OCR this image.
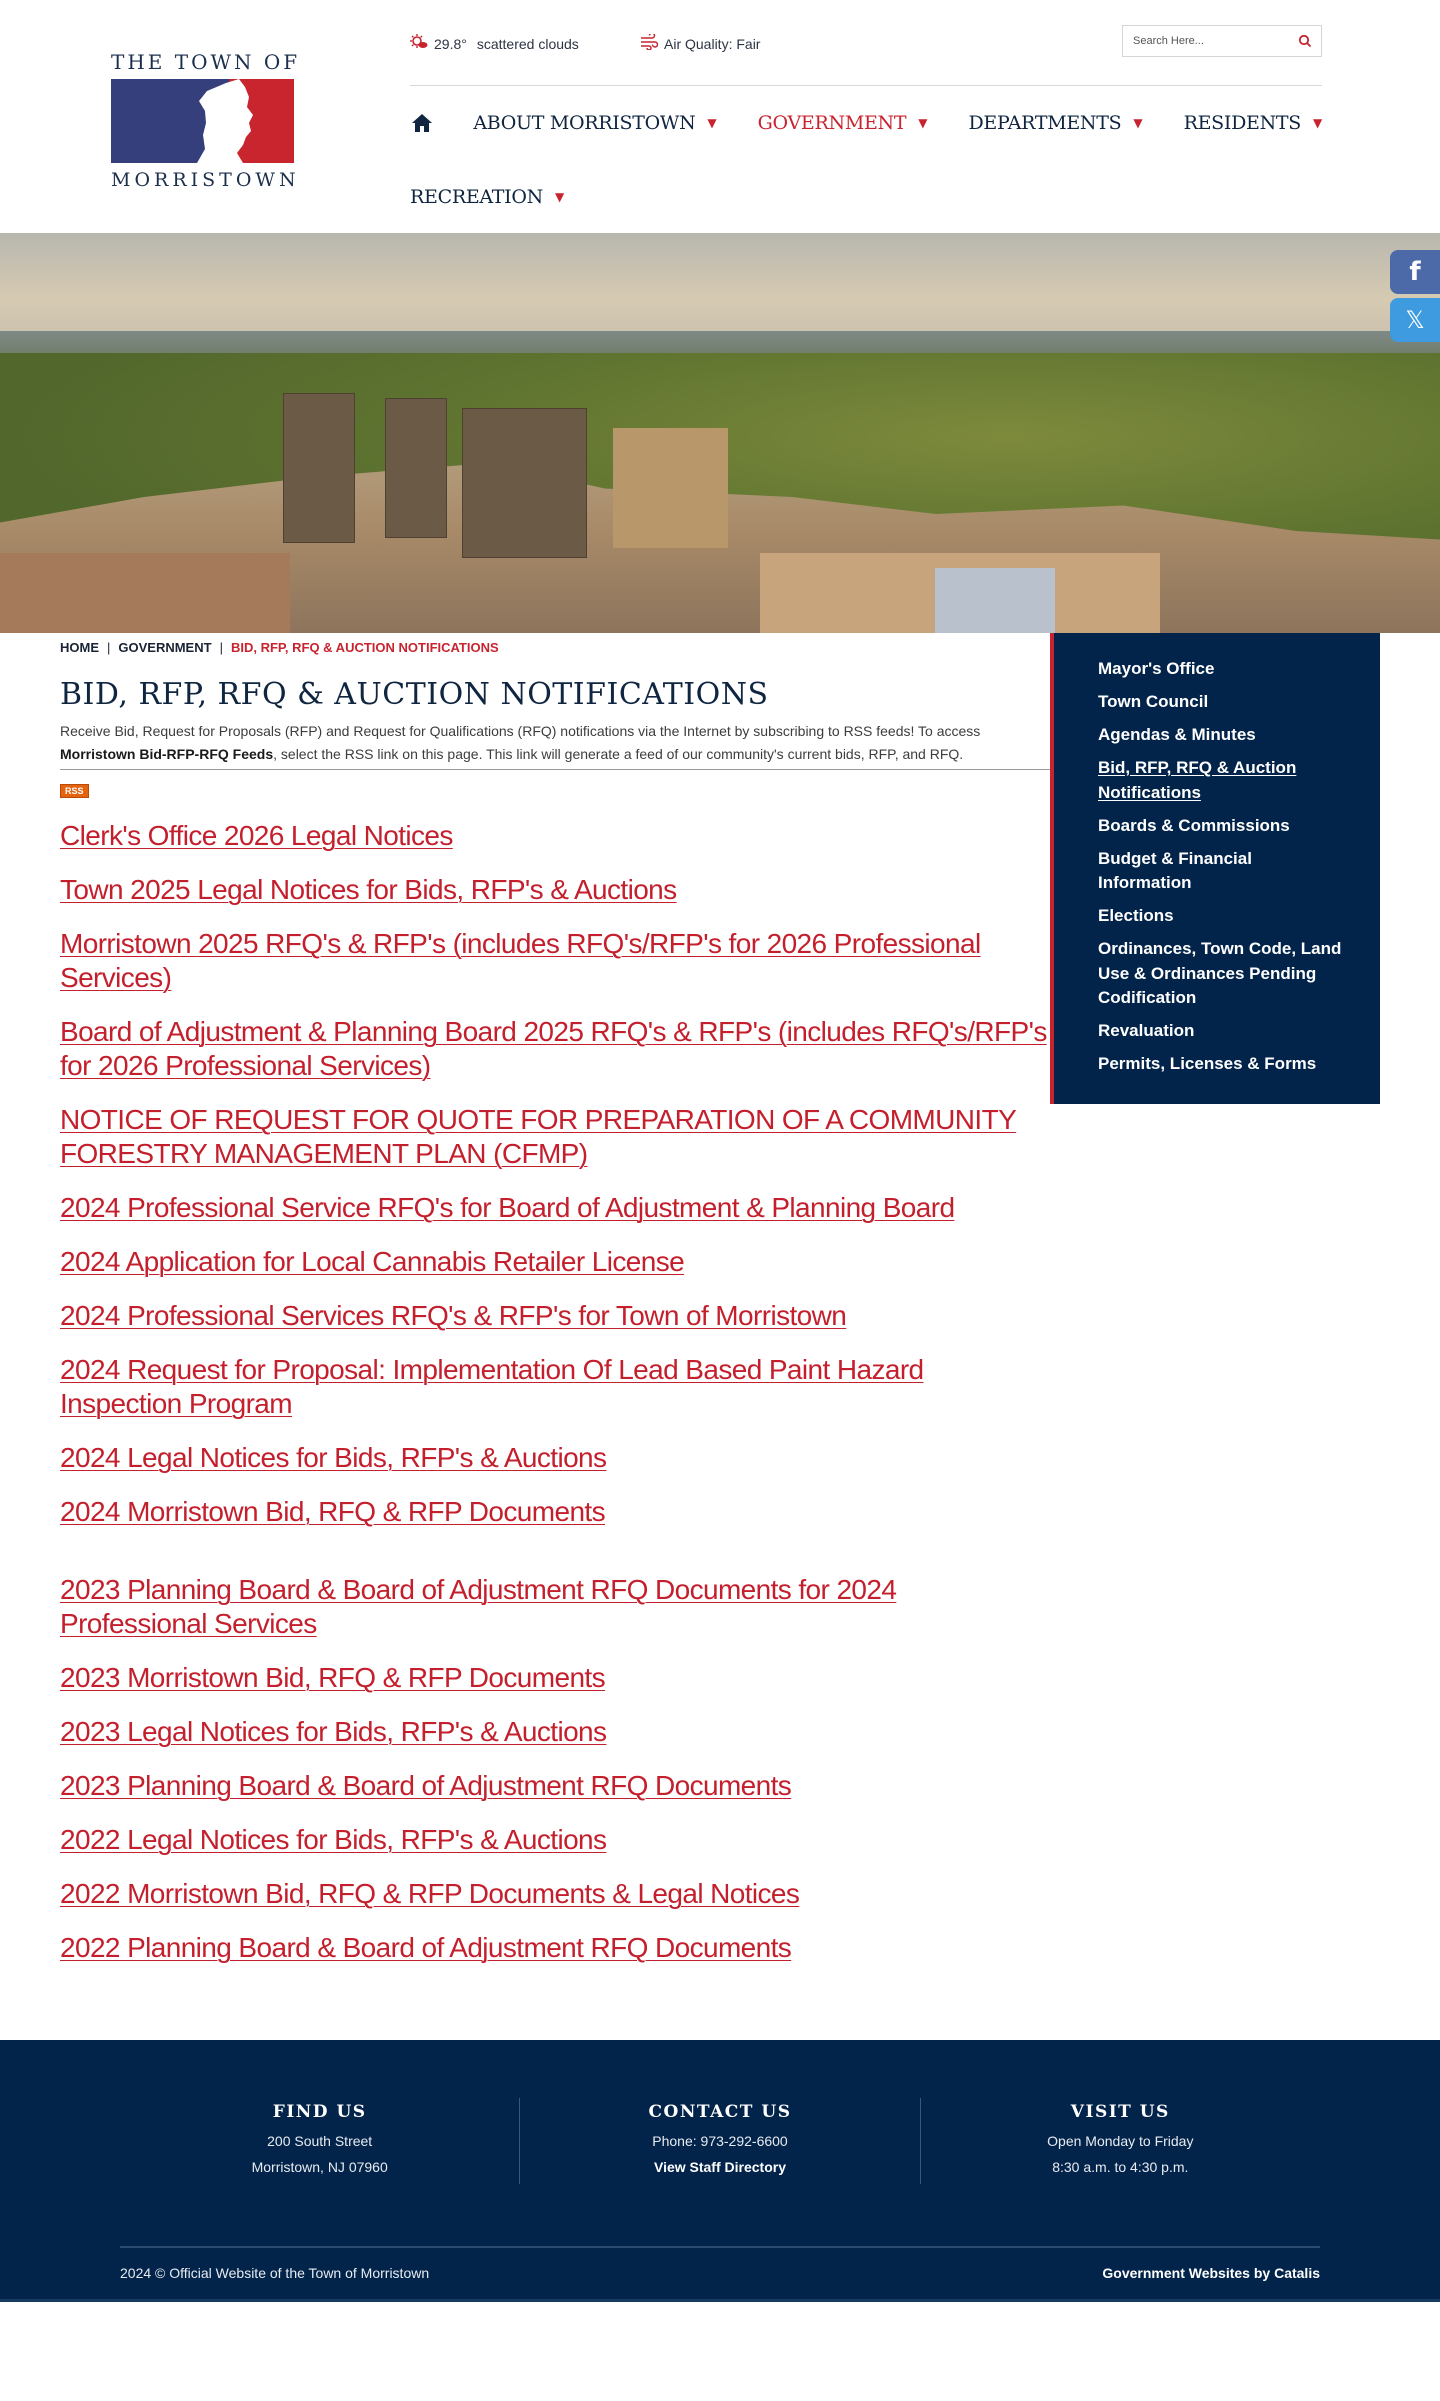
THE TOWN OF
MORRISTOWN
29.8° scattered clouds	Air Quality: Fair
Search Here...
ABOUT MORRISTOWN ▼ GOVERNMENT ▼ DEPARTMENTS ▼ RESIDENTS ▼
RECREATION ▼
f
𝕏
HOME | GOVERNMENT | BID, RFP, RFQ & AUCTION NOTIFICATIONS
BID, RFP, RFQ & AUCTION NOTIFICATIONS

Receive Bid, Request for Proposals (RFP) and Request for Qualifications (RFQ) notifications via the Internet by subscribing to RSS feeds! To access Morristown Bid-RFP-RFQ Feeds, select the RSS link on this page. This link will generate a feed of our community's current bids, RFP, and RFQ.

RSS
Clerk's Office 2026 Legal Notices
Town 2025 Legal Notices for Bids, RFP's & Auctions
Morristown 2025 RFQ's & RFP's (includes RFQ's/RFP's for 2026 Professional Services)
Board of Adjustment & Planning Board 2025 RFQ's & RFP's (includes RFQ's/RFP's for 2026 Professional Services)
NOTICE OF REQUEST FOR QUOTE FOR PREPARATION OF A COMMUNITY FORESTRY MANAGEMENT PLAN (CFMP)
2024 Professional Service RFQ's for Board of Adjustment & Planning Board
2024 Application for Local Cannabis Retailer License
2024 Professional Services RFQ's & RFP's for Town of Morristown
2024 Request for Proposal: Implementation Of Lead Based Paint Hazard Inspection Program
2024 Legal Notices for Bids, RFP's & Auctions
2024 Morristown Bid, RFQ & RFP Documents
2023 Planning Board & Board of Adjustment RFQ Documents for 2024 Professional Services
2023 Morristown Bid, RFQ & RFP Documents
2023 Legal Notices for Bids, RFP's & Auctions
2023 Planning Board & Board of Adjustment RFQ Documents
2022 Legal Notices for Bids, RFP's & Auctions
2022 Morristown Bid, RFQ & RFP Documents & Legal Notices
2022 Planning Board & Board of Adjustment RFQ Documents
Mayor's Office
Town Council
Agendas & Minutes
Bid, RFP, RFQ & Auction Notifications
Boards & Commissions
Budget & Financial Information
Elections
Ordinances, Town Code, Land Use & Ordinances Pending Codification
Revaluation
Permits, Licenses & Forms
FIND US

200 South Street

Morristown, NJ 07960

CONTACT US

Phone: 973-292-6600

View Staff Directory

VISIT US

Open Monday to Friday

8:30 a.m. to 4:30 p.m.

2024 © Official Website of the Town of Morristown	Government Websites by Catalis
